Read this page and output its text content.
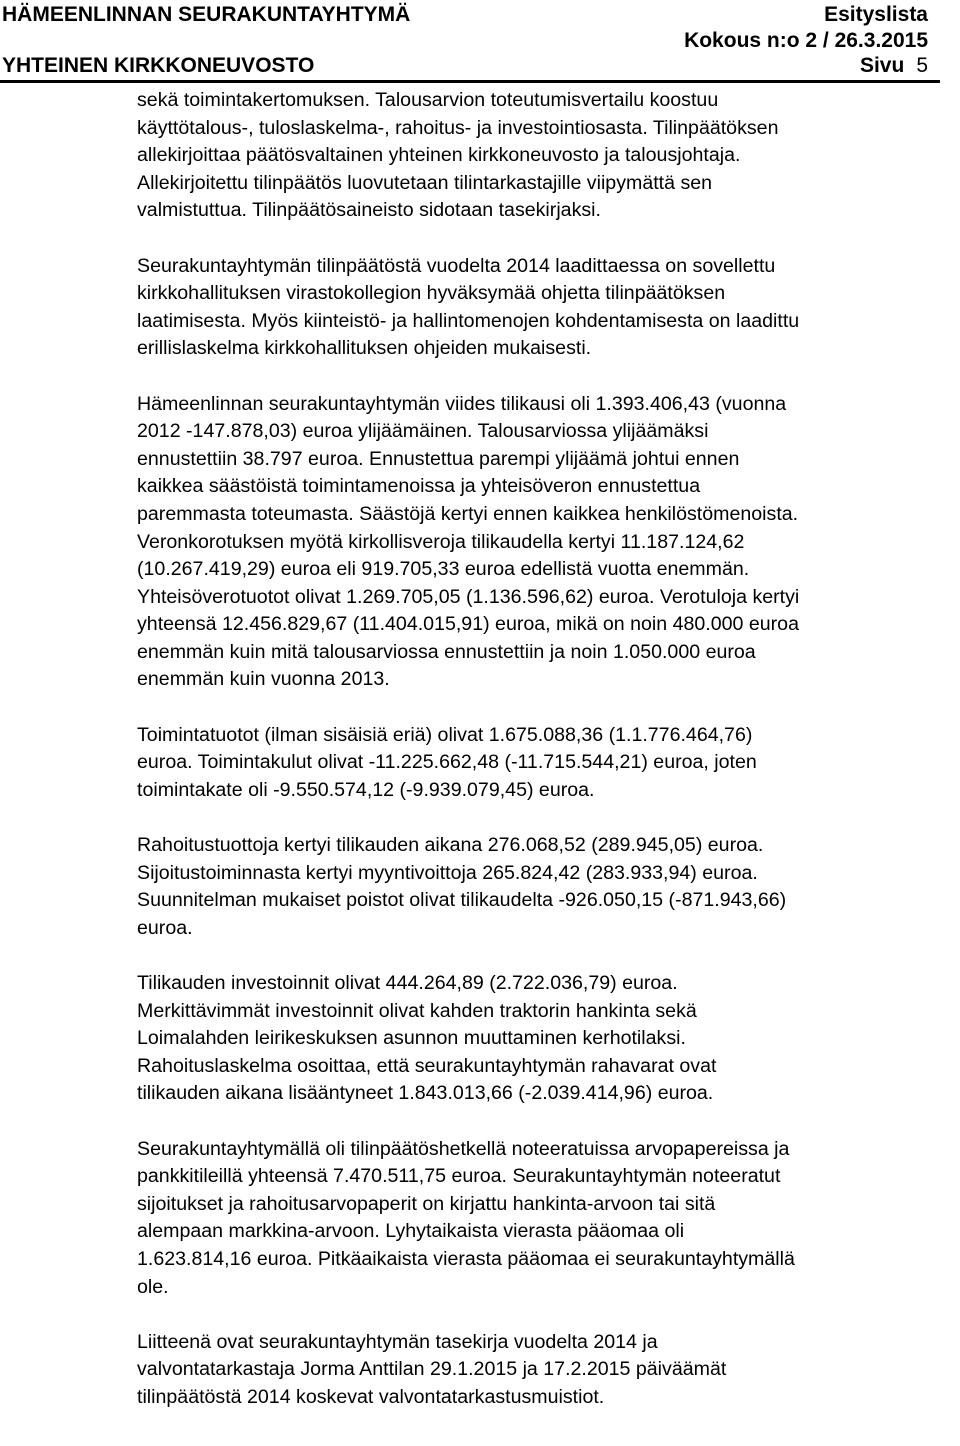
HÄMEENLINNAN SEURAKUNTAYHTYMÄ
YHTEINEN KIRKKONEUVOSTO
Esityslista
Kokous n:o 2 / 26.3.2015
Sivu 5

sekä toimintakertomuksen. Talousarvion toteutumisvertailu koostuu
käyttötalous-, tuloslaskelma-, rahoitus- ja investointiosasta. Tilinpäätöksen
allekirjoittaa päätösvaltainen yhteinen kirkkoneuvosto ja talousjohtaja.
Allekirjoitettu tilinpäätös luovutetaan tilintarkastajille viipymättä sen
valmistuttua. Tilinpäätösaineisto sidotaan tasekirjaksi.

Seurakuntayhtymän tilinpäätöstä vuodelta 2014 laadittaessa on sovellettu
kirkkohallituksen virastokollegion hyväksymää ohjetta tilinpäätöksen
laatimisesta. Myös kiinteistö- ja hallintomenojen kohdentamisesta on laadittu
erillislaskelma kirkkohallituksen ohjeiden mukaisesti.

Hämeenlinnan seurakuntayhtymän viides tilikausi oli 1.393.406,43 (vuonna
2012 -147.878,03) euroa ylijäämäinen. Talousarviossa ylijäämäksi
ennustettiin 38.797 euroa. Ennustettua parempi ylijäämä johtui ennen
kaikkea säästöistä toimintamenoissa ja yhteisöveron ennustettua
paremmasta toteumasta. Säästöjä kertyi ennen kaikkea henkilöstömenoista.
Veronkorotuksen myötä kirkollisveroja tilikaudella kertyi 11.187.124,62
(10.267.419,29) euroa eli 919.705,33 euroa edellistä vuotta enemmän.
Yhteisöverotuotot olivat 1.269.705,05 (1.136.596,62) euroa. Verotuloja kertyi
yhteensä 12.456.829,67 (11.404.015,91) euroa, mikä on noin 480.000 euroa
enemmän kuin mitä talousarviossa ennustettiin ja noin 1.050.000 euroa
enemmän kuin vuonna 2013.

Toimintatuotot (ilman sisäisiä eriä) olivat 1.675.088,36 (1.1.776.464,76)
euroa. Toimintakulut olivat -11.225.662,48 (-11.715.544,21) euroa, joten
toimintakate oli -9.550.574,12 (-9.939.079,45) euroa.

Rahoitustuottoja kertyi tilikauden aikana 276.068,52 (289.945,05) euroa.
Sijoitustoiminnasta kertyi myyntivoittoja 265.824,42 (283.933,94) euroa.
Suunnitelman mukaiset poistot olivat tilikaudelta -926.050,15 (-871.943,66)
euroa.

Tilikauden investoinnit olivat 444.264,89 (2.722.036,79) euroa.
Merkittävimmät investoinnit olivat kahden traktorin hankinta sekä
Loimalahden leirikeskuksen asunnon muuttaminen kerhotilaksi.
Rahoituslaskelma osoittaa, että seurakuntayhtymän rahavarat ovat
tilikauden aikana lisääntyneet 1.843.013,66 (-2.039.414,96) euroa.

Seurakuntayhtymällä oli tilinpäätöshetkellä noteeratuissa arvopapereissa ja
pankkitileillä yhteensä 7.470.511,75 euroa. Seurakuntayhtymän noteeratut
sijoitukset ja rahoitusarvopaperit on kirjattu hankinta-arvoon tai sitä
alempaan markkina-arvoon. Lyhytaikaista vierasta pääomaa oli
1.623.814,16 euroa. Pitkäaikaista vierasta pääomaa ei seurakuntayhtymällä
ole.

Liitteenä ovat seurakuntayhtymän tasekirja vuodelta 2014 ja
valvontatarkastaja Jorma Anttilan 29.1.2015 ja 17.2.2015 päiväämät
tilinpäätöstä 2014 koskevat valvontatarkastusmuistiot.
